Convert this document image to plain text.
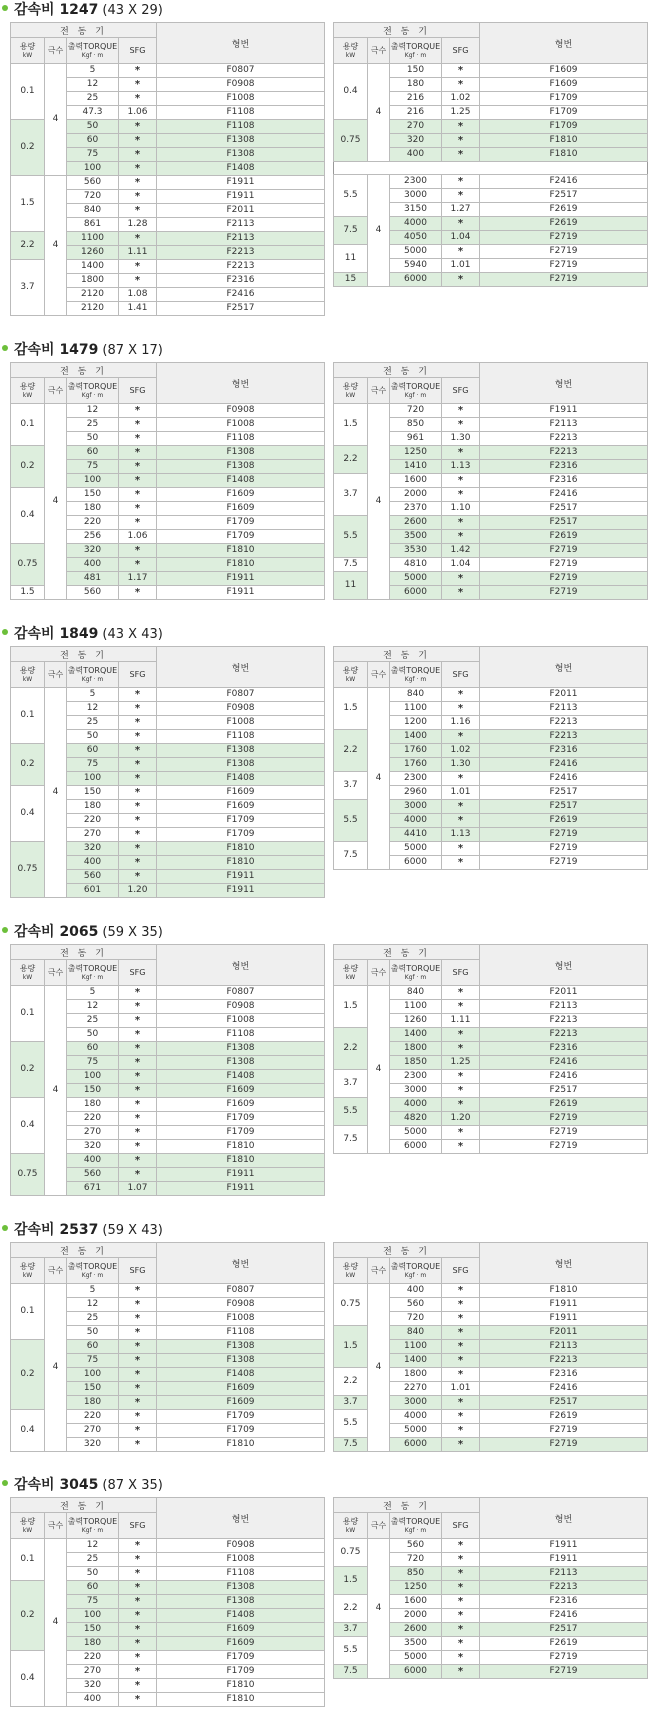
감속비 1247 (43 X 29)
전 동 기				형번
용량
kW	극수	출력TORQUE
Kgf · m	SFG	
0.1	4	5	*	F0807
		12	*	F0908
		25	*	F1008
		47.3	1.06	F1108
0.2		50	*	F1108
		60	*	F1308
		75	*	F1308
		100	*	F1408
1.5	4	560	*	F1911
		720	*	F1911
		840	*	F2011
		861	1.28	F2113
2.2		1100	*	F2113
		1260	1.11	F2213
3.7		1400	*	F2213
		1800	*	F2316
		2120	1.08	F2416
		2120	1.41	F2517
전 동 기				형번
용량
kW	극수	출력TORQUE
Kgf · m	SFG	
0.4	4	150	*	F1609
		180	*	F1609
		216	1.02	F1709
		216	1.25	F1709
0.75		270	*	F1709
		320	*	F1810
		400	*	F1810

5.5	4	2300	*	F2416
		3000	*	F2517
		3150	1.27	F2619
7.5		4000	*	F2619
		4050	1.04	F2719
11		5000	*	F2719
		5940	1.01	F2719
15		6000	*	F2719
감속비 1479 (87 X 17)
전 동 기				형번
용량
kW	극수	출력TORQUE
Kgf · m	SFG	
0.1	4	12	*	F0908
		25	*	F1008
		50	*	F1108
0.2		60	*	F1308
		75	*	F1308
		100	*	F1408
0.4		150	*	F1609
		180	*	F1609
		220	*	F1709
		256	1.06	F1709
0.75		320	*	F1810
		400	*	F1810
		481	1.17	F1911
1.5		560	*	F1911
전 동 기				형번
용량
kW	극수	출력TORQUE
Kgf · m	SFG	
1.5	4	720	*	F1911
		850	*	F2113
		961	1.30	F2213
2.2		1250	*	F2213
		1410	1.13	F2316
3.7		1600	*	F2316
		2000	*	F2416
		2370	1.10	F2517
5.5		2600	*	F2517
		3500	*	F2619
		3530	1.42	F2719
7.5		4810	1.04	F2719
11		5000	*	F2719
		6000	*	F2719
감속비 1849 (43 X 43)
전 동 기				형번
용량
kW	극수	출력TORQUE
Kgf · m	SFG	
0.1	4	5	*	F0807
		12	*	F0908
		25	*	F1008
		50	*	F1108
0.2		60	*	F1308
		75	*	F1308
		100	*	F1408
0.4		150	*	F1609
		180	*	F1609
		220	*	F1709
		270	*	F1709
0.75		320	*	F1810
		400	*	F1810
		560	*	F1911
		601	1.20	F1911
전 동 기				형번
용량
kW	극수	출력TORQUE
Kgf · m	SFG	
1.5	4	840	*	F2011
		1100	*	F2113
		1200	1.16	F2213
2.2		1400	*	F2213
		1760	1.02	F2316
		1760	1.30	F2416
3.7		2300	*	F2416
		2960	1.01	F2517
5.5		3000	*	F2517
		4000	*	F2619
		4410	1.13	F2719
7.5		5000	*	F2719
		6000	*	F2719
감속비 2065 (59 X 35)
전 동 기				형번
용량
kW	극수	출력TORQUE
Kgf · m	SFG	
0.1	4	5	*	F0807
		12	*	F0908
		25	*	F1008
		50	*	F1108
0.2		60	*	F1308
		75	*	F1308
		100	*	F1408
		150	*	F1609
0.4		180	*	F1609
		220	*	F1709
		270	*	F1709
		320	*	F1810
0.75		400	*	F1810
		560	*	F1911
		671	1.07	F1911
전 동 기				형번
용량
kW	극수	출력TORQUE
Kgf · m	SFG	
1.5	4	840	*	F2011
		1100	*	F2113
		1260	1.11	F2213
2.2		1400	*	F2213
		1800	*	F2316
		1850	1.25	F2416
3.7		2300	*	F2416
		3000	*	F2517
5.5		4000	*	F2619
		4820	1.20	F2719
7.5		5000	*	F2719
		6000	*	F2719
감속비 2537 (59 X 43)
전 동 기				형번
용량
kW	극수	출력TORQUE
Kgf · m	SFG	
0.1	4	5	*	F0807
		12	*	F0908
		25	*	F1008
		50	*	F1108
0.2		60	*	F1308
		75	*	F1308
		100	*	F1408
		150	*	F1609
		180	*	F1609
0.4		220	*	F1709
		270	*	F1709
		320	*	F1810
전 동 기				형번
용량
kW	극수	출력TORQUE
Kgf · m	SFG	
0.75	4	400	*	F1810
		560	*	F1911
		720	*	F1911
1.5		840	*	F2011
		1100	*	F2113
		1400	*	F2213
2.2		1800	*	F2316
		2270	1.01	F2416
3.7		3000	*	F2517
5.5		4000	*	F2619
		5000	*	F2719
7.5		6000	*	F2719
감속비 3045 (87 X 35)
전 동 기				형번
용량
kW	극수	출력TORQUE
Kgf · m	SFG	
0.1	4	12	*	F0908
		25	*	F1008
		50	*	F1108
0.2		60	*	F1308
		75	*	F1308
		100	*	F1408
		150	*	F1609
		180	*	F1609
0.4		220	*	F1709
		270	*	F1709
		320	*	F1810
		400	*	F1810
전 동 기				형번
용량
kW	극수	출력TORQUE
Kgf · m	SFG	
0.75	4	560	*	F1911
		720	*	F1911
1.5		850	*	F2113
		1250	*	F2213
2.2		1600	*	F2316
		2000	*	F2416
3.7		2600	*	F2517
5.5		3500	*	F2619
		5000	*	F2719
7.5		6000	*	F2719
